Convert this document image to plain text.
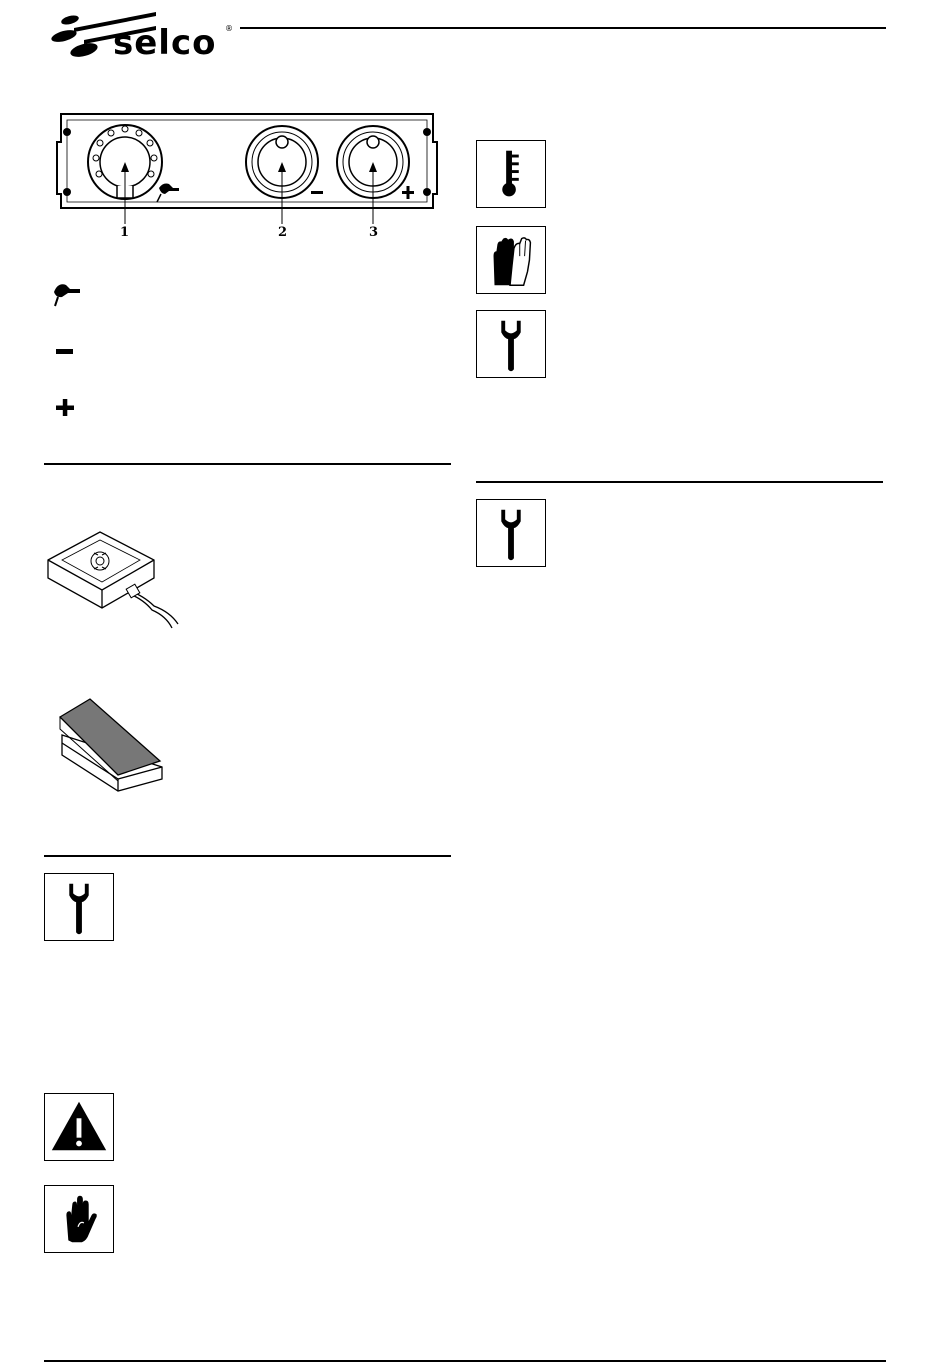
selco ®
1	2	3
